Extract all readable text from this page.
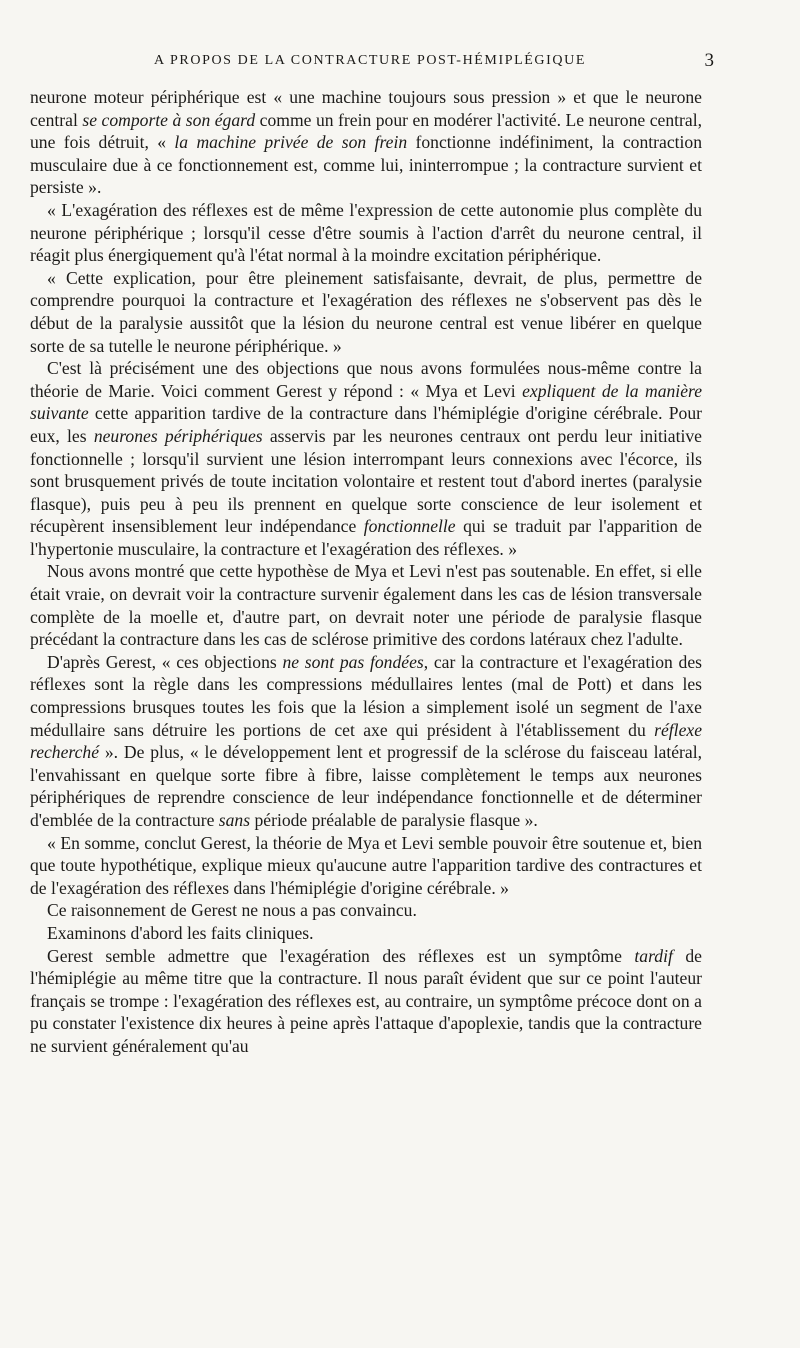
A PROPOS DE LA CONTRACTURE POST-HÉMIPLÉGIQUE	3

neurone moteur périphérique est « une machine toujours sous pression » et que le neurone central se comporte à son égard comme un frein pour en modérer l'activité. Le neurone central, une fois détruit, « la machine privée de son frein fonctionne indéfiniment, la contraction musculaire due à ce fonctionnement est, comme lui, ininterrompue ; la contracture survient et persiste ».

« L'exagération des réflexes est de même l'expression de cette autonomie plus complète du neurone périphérique ; lorsqu'il cesse d'être soumis à l'action d'arrêt du neurone central, il réagit plus énergiquement qu'à l'état normal à la moindre excitation périphérique.

« Cette explication, pour être pleinement satisfaisante, devrait, de plus, permettre de comprendre pourquoi la contracture et l'exagération des réflexes ne s'observent pas dès le début de la paralysie aussitôt que la lésion du neurone central est venue libérer en quelque sorte de sa tutelle le neurone périphérique. »

C'est là précisément une des objections que nous avons formulées nous-même contre la théorie de Marie. Voici comment Gerest y répond : « Mya et Levi expliquent de la manière suivante cette apparition tardive de la contracture dans l'hémiplégie d'origine cérébrale. Pour eux, les neurones périphériques asservis par les neurones centraux ont perdu leur initiative fonctionnelle ; lorsqu'il survient une lésion interrompant leurs connexions avec l'écorce, ils sont brusquement privés de toute incitation volontaire et restent tout d'abord inertes (paralysie flasque), puis peu à peu ils prennent en quelque sorte conscience de leur isolement et récupèrent insensiblement leur indépendance fonctionnelle qui se traduit par l'apparition de l'hypertonie musculaire, la contracture et l'exagération des réflexes. »

Nous avons montré que cette hypothèse de Mya et Levi n'est pas soutenable. En effet, si elle était vraie, on devrait voir la contracture survenir également dans les cas de lésion transversale complète de la moelle et, d'autre part, on devrait noter une période de paralysie flasque précédant la contracture dans les cas de sclérose primitive des cordons latéraux chez l'adulte.

D'après Gerest, « ces objections ne sont pas fondées, car la contracture et l'exagération des réflexes sont la règle dans les compressions médullaires lentes (mal de Pott) et dans les compressions brusques toutes les fois que la lésion a simplement isolé un segment de l'axe médullaire sans détruire les portions de cet axe qui président à l'établissement du réflexe recherché ». De plus, « le développement lent et progressif de la sclérose du faisceau latéral, l'envahissant en quelque sorte fibre à fibre, laisse complètement le temps aux neurones périphériques de reprendre conscience de leur indépendance fonctionnelle et de déterminer d'emblée de la contracture sans période préalable de paralysie flasque ».

« En somme, conclut Gerest, la théorie de Mya et Levi semble pouvoir être soutenue et, bien que toute hypothétique, explique mieux qu'aucune autre l'apparition tardive des contractures et de l'exagération des réflexes dans l'hémiplégie d'origine cérébrale. »

Ce raisonnement de Gerest ne nous a pas convaincu.

Examinons d'abord les faits cliniques.

Gerest semble admettre que l'exagération des réflexes est un symptôme tardif de l'hémiplégie au même titre que la contracture. Il nous paraît évident que sur ce point l'auteur français se trompe : l'exagération des réflexes est, au contraire, un symptôme précoce dont on a pu constater l'existence dix heures à peine après l'attaque d'apoplexie, tandis que la contracture ne survient généralement qu'au
